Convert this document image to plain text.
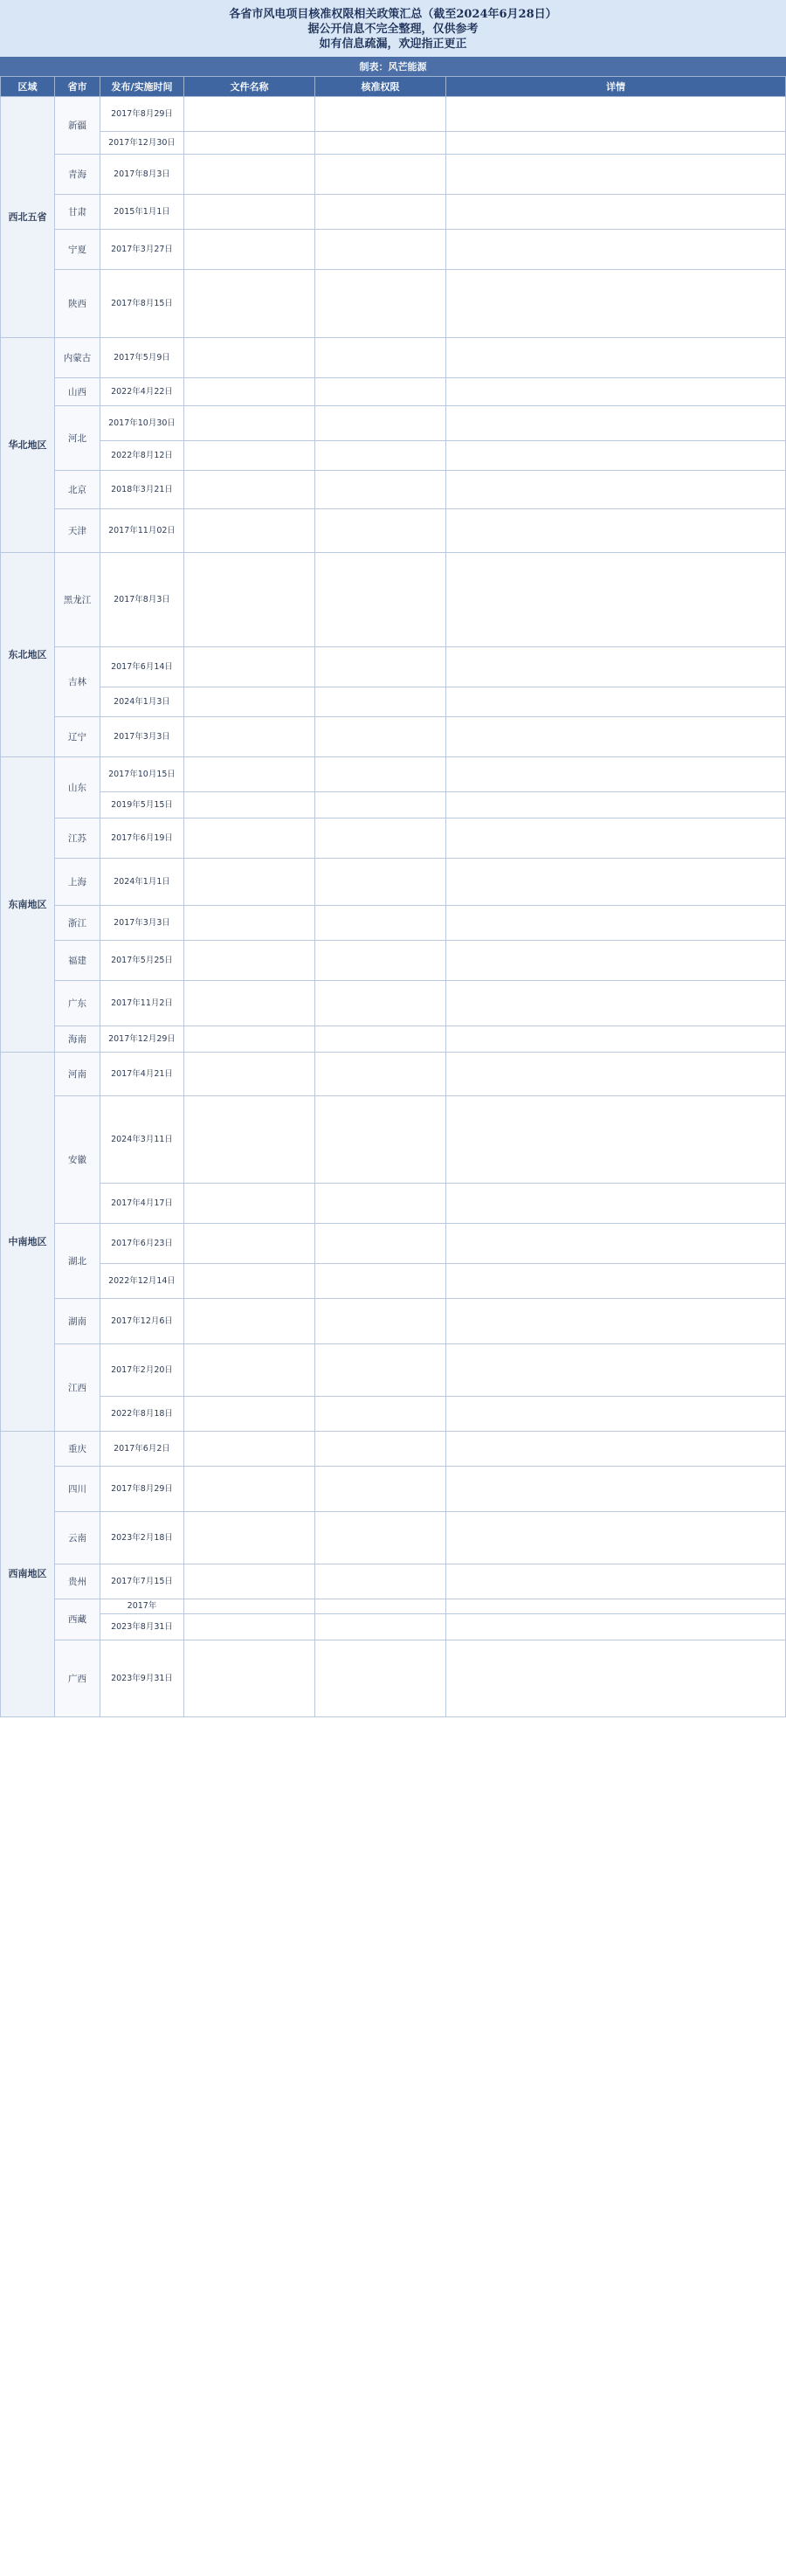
各省市风电项目核准权限相关政策汇总（截至2024年6月28日）
据公开信息不完全整理，仅供参考
如有信息疏漏，欢迎指正更正
制表：风芒能源
区域	省市	发布/实施时间	文件名称	核准权限	详情
西北五省	新疆	2017年8月29日			
		2017年12月30日			
	青海	2017年8月3日			
	甘肃	2015年1月1日			
	宁夏	2017年3月27日			
	陕西	2017年8月15日			
华北地区	内蒙古	2017年5月9日			
	山西	2022年4月22日			
	河北	2017年10月30日			
		2022年8月12日			
	北京	2018年3月21日			
	天津	2017年11月02日			
东北地区	黑龙江	2017年8月3日			
	吉林	2017年6月14日			
		2024年1月3日			
	辽宁	2017年3月3日			
东南地区	山东	2017年10月15日			
		2019年5月15日			
	江苏	2017年6月19日			
	上海	2024年1月1日			
	浙江	2017年3月3日			
	福建	2017年5月25日			
	广东	2017年11月2日			
	海南	2017年12月29日			
中南地区	河南	2017年4月21日			
	安徽	2024年3月11日			
		2017年4月17日			
	湖北	2017年6月23日			
		2022年12月14日			
	湖南	2017年12月6日			
	江西	2017年2月20日			
		2022年8月18日			
西南地区	重庆	2017年6月2日			
	四川	2017年8月29日			
	云南	2023年2月18日			
	贵州	2017年7月15日			
	西藏	2017年			
		2023年8月31日			
	广西	2023年9月31日			
